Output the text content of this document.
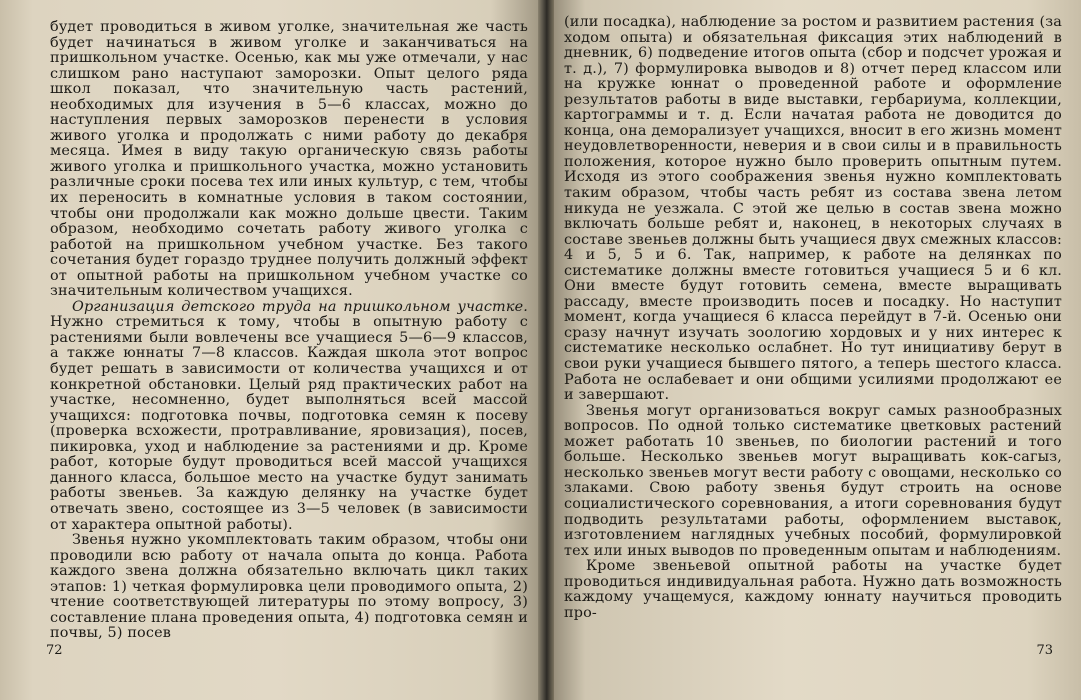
будет проводиться в живом уголке, значительная же часть будет начинаться в живом уголке и заканчиваться на пришкольном участке. Осенью, как мы уже отмечали, у нас слишком рано наступают заморозки. Опыт целого ряда школ показал, что значительную часть растений, необходимых для изучения в 5—6 классах, можно до наступления первых заморозков перенести в условия живого уголка и продолжать с ними работу до декабря месяца. Имея в виду такую органическую связь работы живого уголка и пришкольного участка, можно установить различные сроки посева тех или иных культур, с тем, чтобы их переносить в комнатные условия в таком состоянии, чтобы они продолжали как можно дольше цвести. Таким образом, необходимо сочетать работу живого уголка с работой на пришкольном учебном участке. Без такого сочетания будет гораздо труднее получить должный эффект от опытной работы на пришкольном учебном участке со значительным количеством учащихся.

Организация детского труда на пришкольном участке. Нужно стремиться к тому, чтобы в опытную работу с растениями были вовлечены все учащиеся 5—6—9 классов, а также юннаты 7—8 классов. Каждая школа этот вопрос будет решать в зависимости от количества учащихся и от конкретной обстановки. Целый ряд практических работ на участке, несомненно, будет выполняться всей массой учащихся: подготовка почвы, подготовка семян к посеву (проверка всхожести, протравливание, яровизация), посев, пикировка, уход и наблюдение за растениями и др. Кроме работ, которые будут проводиться всей массой учащихся данного класса, большое место на участке будут занимать работы звеньев. За каждую делянку на участке будет отвечать звено, состоящее из 3—5 человек (в зависимости от характера опытной работы).

Звенья нужно укомплектовать таким образом, чтобы они проводили всю работу от начала опыта до конца. Работа каждого звена должна обязательно включать цикл таких этапов: 1) четкая формулировка цели проводимого опыта, 2) чтение соответствующей литературы по этому вопросу, 3) составление плана проведения опыта, 4) подготовка семян и почвы, 5) посев

72

(или посадка), наблюдение за ростом и развитием растения (за ходом опыта) и обязательная фиксация этих наблюдений в дневник, 6) подведение итогов опыта (сбор и подсчет урожая и т. д.), 7) формулировка выводов и 8) отчет перед классом или на кружке юннат о проведенной работе и оформление результатов работы в виде выставки, гербариума, коллекции, картограммы и т. д. Если начатая работа не доводится до конца, она деморализует учащихся, вносит в его жизнь момент неудовлетворенности, неверия и в свои силы и в правильность положения, которое нужно было проверить опытным путем. Исходя из этого соображения звенья нужно комплектовать таким образом, чтобы часть ребят из состава звена летом никуда не уезжала. С этой же целью в состав звена можно включать больше ребят и, наконец, в некоторых случаях в составе звеньев должны быть учащиеся двух смежных классов: 4 и 5, 5 и 6. Так, например, к работе на делянках по систематике должны вместе готовиться учащиеся 5 и 6 кл. Они вместе будут готовить семена, вместе выращивать рассаду, вместе производить посев и посадку. Но наступит момент, когда учащиеся 6 класса перейдут в 7-й. Осенью они сразу начнут изучать зоологию хордовых и у них интерес к систематике несколько ослабнет. Но тут инициативу берут в свои руки учащиеся бывшего пятого, а теперь шестого класса. Работа не ослабевает и они общими усилиями продолжают ее и завершают.

Звенья могут организоваться вокруг самых разнообразных вопросов. По одной только систематике цветковых растений может работать 10 звеньев, по биологии растений и того больше. Несколько звеньев могут выращивать кок-сагыз, несколько звеньев могут вести работу с овощами, несколько со злаками. Свою работу звенья будут строить на основе социалистического соревнования, а итоги соревнования будут подводить результатами работы, оформлением выставок, изготовлением наглядных учебных пособий, формулировкой тех или иных выводов по проведенным опытам и наблюдениям.

Кроме звеньевой опытной работы на участке будет проводиться индивидуальная работа. Нужно дать возможность каждому учащемуся, каждому юннату научиться проводить про-

73
